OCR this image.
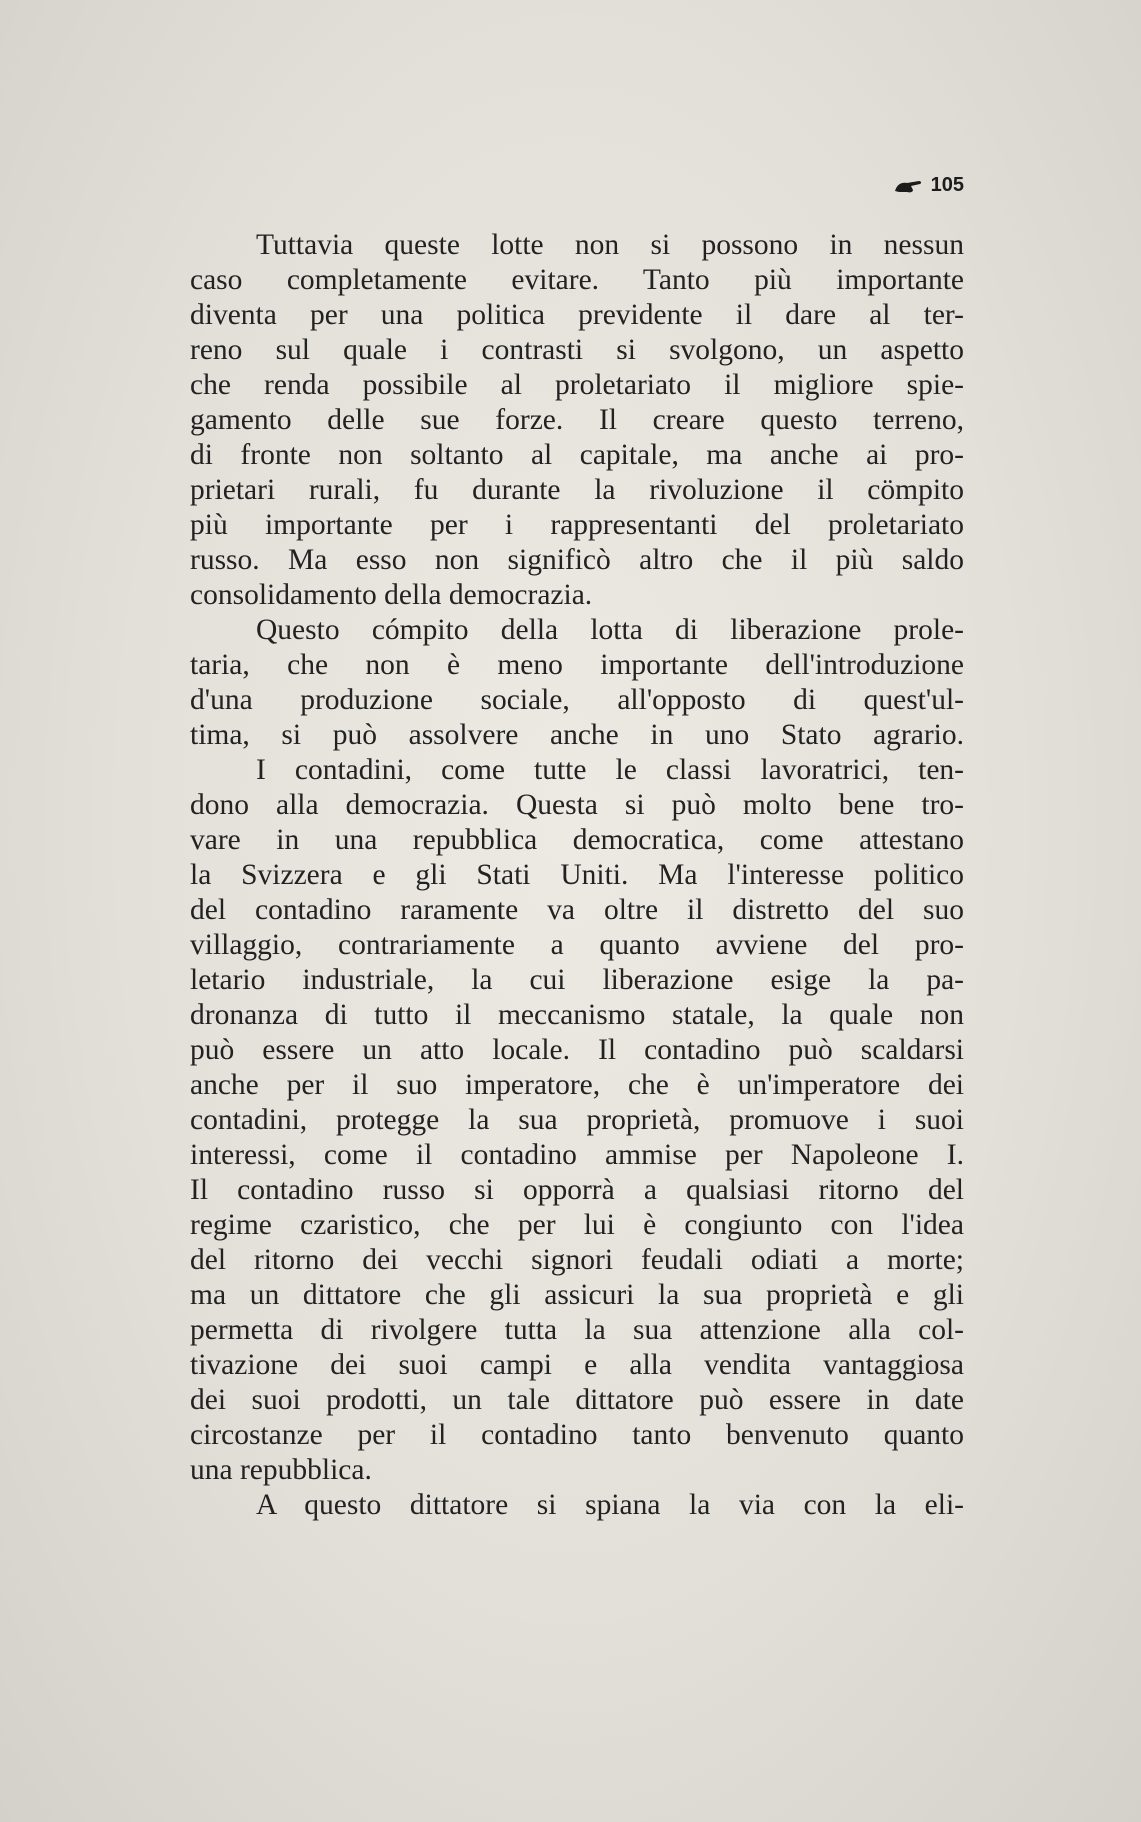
105
Tuttavia queste lotte non si possono in nessun
caso completamente evitare. Tanto più importante
diventa per una politica previdente il dare al ter-
reno sul quale i contrasti si svolgono, un aspetto
che renda possibile al proletariato il migliore spie-
gamento delle sue forze. Il creare questo terreno,
di fronte non soltanto al capitale, ma anche ai pro-
prietari rurali, fu durante la rivoluzione il cömpito
più importante per i rappresentanti del proletariato
russo. Ma esso non significò altro che il più saldo
consolidamento della democrazia.
Questo cómpito della lotta di liberazione prole-
taria, che non è meno importante dell'introduzione
d'una produzione sociale, all'opposto di quest'ul-
tima, si può assolvere anche in uno Stato agrario.
I contadini, come tutte le classi lavoratrici, ten-
dono alla democrazia. Questa si può molto bene tro-
vare in una repubblica democratica, come attestano
la Svizzera e gli Stati Uniti. Ma l'interesse politico
del contadino raramente va oltre il distretto del suo
villaggio, contrariamente a quanto avviene del pro-
letario industriale, la cui liberazione esige la pa-
dronanza di tutto il meccanismo statale, la quale non
può essere un atto locale. Il contadino può scaldarsi
anche per il suo imperatore, che è un'imperatore dei
contadini, protegge la sua proprietà, promuove i suoi
interessi, come il contadino ammise per Napoleone I.
Il contadino russo si opporrà a qualsiasi ritorno del
regime czaristico, che per lui è congiunto con l'idea
del ritorno dei vecchi signori feudali odiati a morte;
ma un dittatore che gli assicuri la sua proprietà e gli
permetta di rivolgere tutta la sua attenzione alla col-
tivazione dei suoi campi e alla vendita vantaggiosa
dei suoi prodotti, un tale dittatore può essere in date
circostanze per il contadino tanto benvenuto quanto
una repubblica.
A questo dittatore si spiana la via con la eli-
